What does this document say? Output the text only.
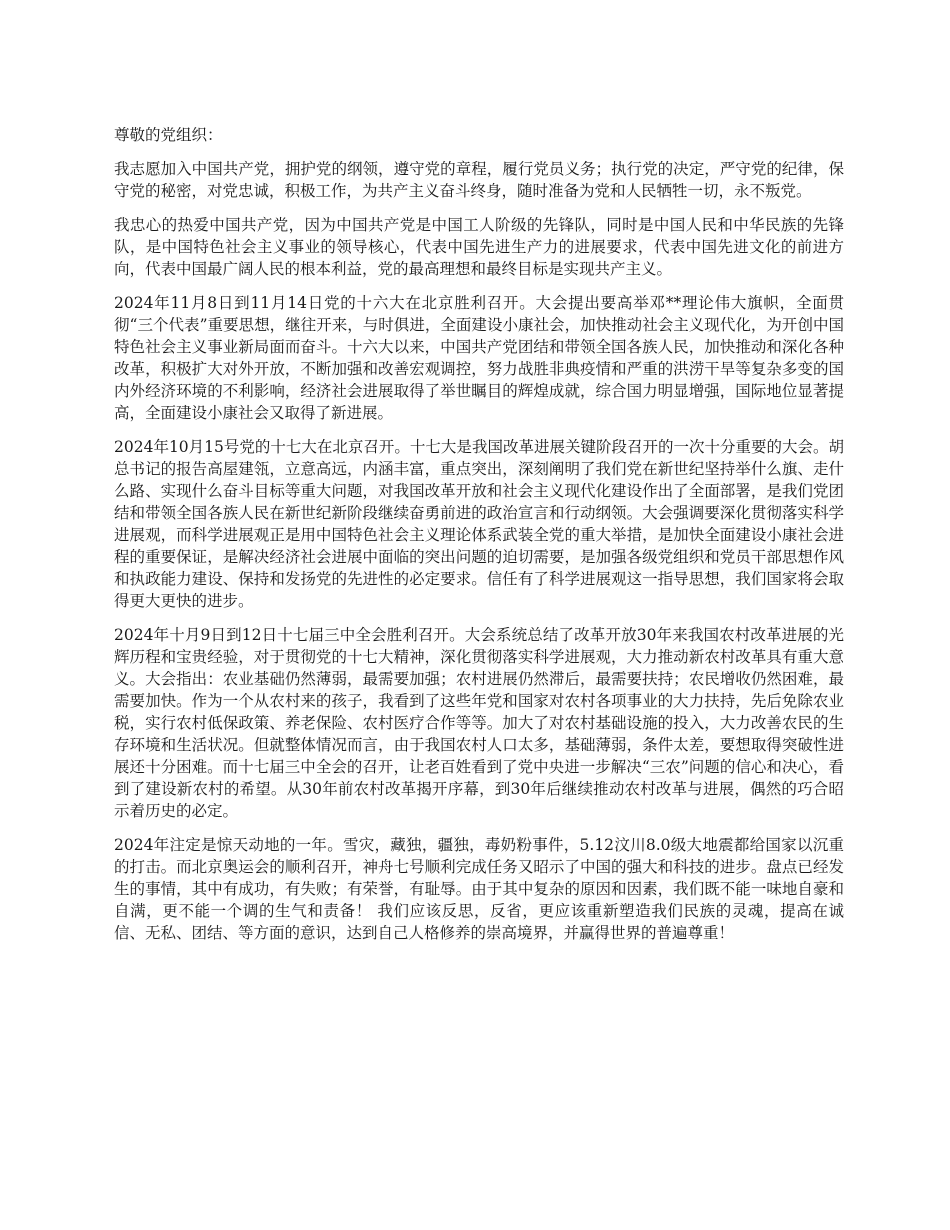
尊敬的党组织：

我志愿加入中国共产党，拥护党的纲领，遵守党的章程，履行党员义务；执行党的决定，严守党的纪律，保守党的秘密，对党忠诚，积极工作，为共产主义奋斗终身，随时准备为党和人民牺牲一切，永不叛党。

我忠心的热爱中国共产党，因为中国共产党是中国工人阶级的先锋队，同时是中国人民和中华民族的先锋队，是中国特色社会主义事业的领导核心，代表中国先进生产力的进展要求，代表中国先进文化的前进方向，代表中国最广阔人民的根本利益，党的最高理想和最终目标是实现共产主义。

2024年11月8日到11月14日党的十六大在北京胜利召开。大会提出要高举邓**理论伟大旗帜，全面贯彻“三个代表”重要思想，继往开来，与时俱进，全面建设小康社会，加快推动社会主义现代化，为开创中国特色社会主义事业新局面而奋斗。十六大以来，中国共产党团结和带领全国各族人民，加快推动和深化各种改革，积极扩大对外开放，不断加强和改善宏观调控，努力战胜非典疫情和严重的洪涝干旱等复杂多变的国内外经济环境的不利影响，经济社会进展取得了举世瞩目的辉煌成就，综合国力明显增强，国际地位显著提高，全面建设小康社会又取得了新进展。

2024年10月15号党的十七大在北京召开。十七大是我国改革进展关键阶段召开的一次十分重要的大会。胡总书记的报告高屋建瓴，立意高远，内涵丰富，重点突出，深刻阐明了我们党在新世纪坚持举什么旗、走什么路、实现什么奋斗目标等重大问题，对我国改革开放和社会主义现代化建设作出了全面部署，是我们党团结和带领全国各族人民在新世纪新阶段继续奋勇前进的政治宣言和行动纲领。大会强调要深化贯彻落实科学进展观，而科学进展观正是用中国特色社会主义理论体系武装全党的重大举措，是加快全面建设小康社会进程的重要保证，是解决经济社会进展中面临的突出问题的迫切需要，是加强各级党组织和党员干部思想作风和执政能力建设、保持和发扬党的先进性的必定要求。信任有了科学进展观这一指导思想，我们国家将会取得更大更快的进步。

2024年十月9日到12日十七届三中全会胜利召开。大会系统总结了改革开放30年来我国农村改革进展的光辉历程和宝贵经验，对于贯彻党的十七大精神，深化贯彻落实科学进展观，大力推动新农村改革具有重大意义。大会指出：农业基础仍然薄弱，最需要加强；农村进展仍然滞后，最需要扶持；农民增收仍然困难，最需要加快。作为一个从农村来的孩子，我看到了这些年党和国家对农村各项事业的大力扶持，先后免除农业税，实行农村低保政策、养老保险、农村医疗合作等等。加大了对农村基础设施的投入，大力改善农民的生存环境和生活状况。但就整体情况而言，由于我国农村人口太多，基础薄弱，条件太差，要想取得突破性进展还十分困难。而十七届三中全会的召开，让老百姓看到了党中央进一步解决“三农”问题的信心和决心，看到了建设新农村的希望。从30年前农村改革揭开序幕，到30年后继续推动农村改革与进展，偶然的巧合昭示着历史的必定。

2024年注定是惊天动地的一年。雪灾，藏独，疆独，毒奶粉事件，5.12汶川8.0级大地震都给国家以沉重的打击。而北京奥运会的顺利召开，神舟七号顺利完成任务又昭示了中国的强大和科技的进步。盘点已经发生的事情，其中有成功，有失败；有荣誉，有耻辱。由于其中复杂的原因和因素，我们既不能一味地自豪和自满，更不能一个调的生气和责备！ 我们应该反思，反省，更应该重新塑造我们民族的灵魂，提高在诚信、无私、团结、等方面的意识，达到自己人格修养的崇高境界，并赢得世界的普遍尊重！
